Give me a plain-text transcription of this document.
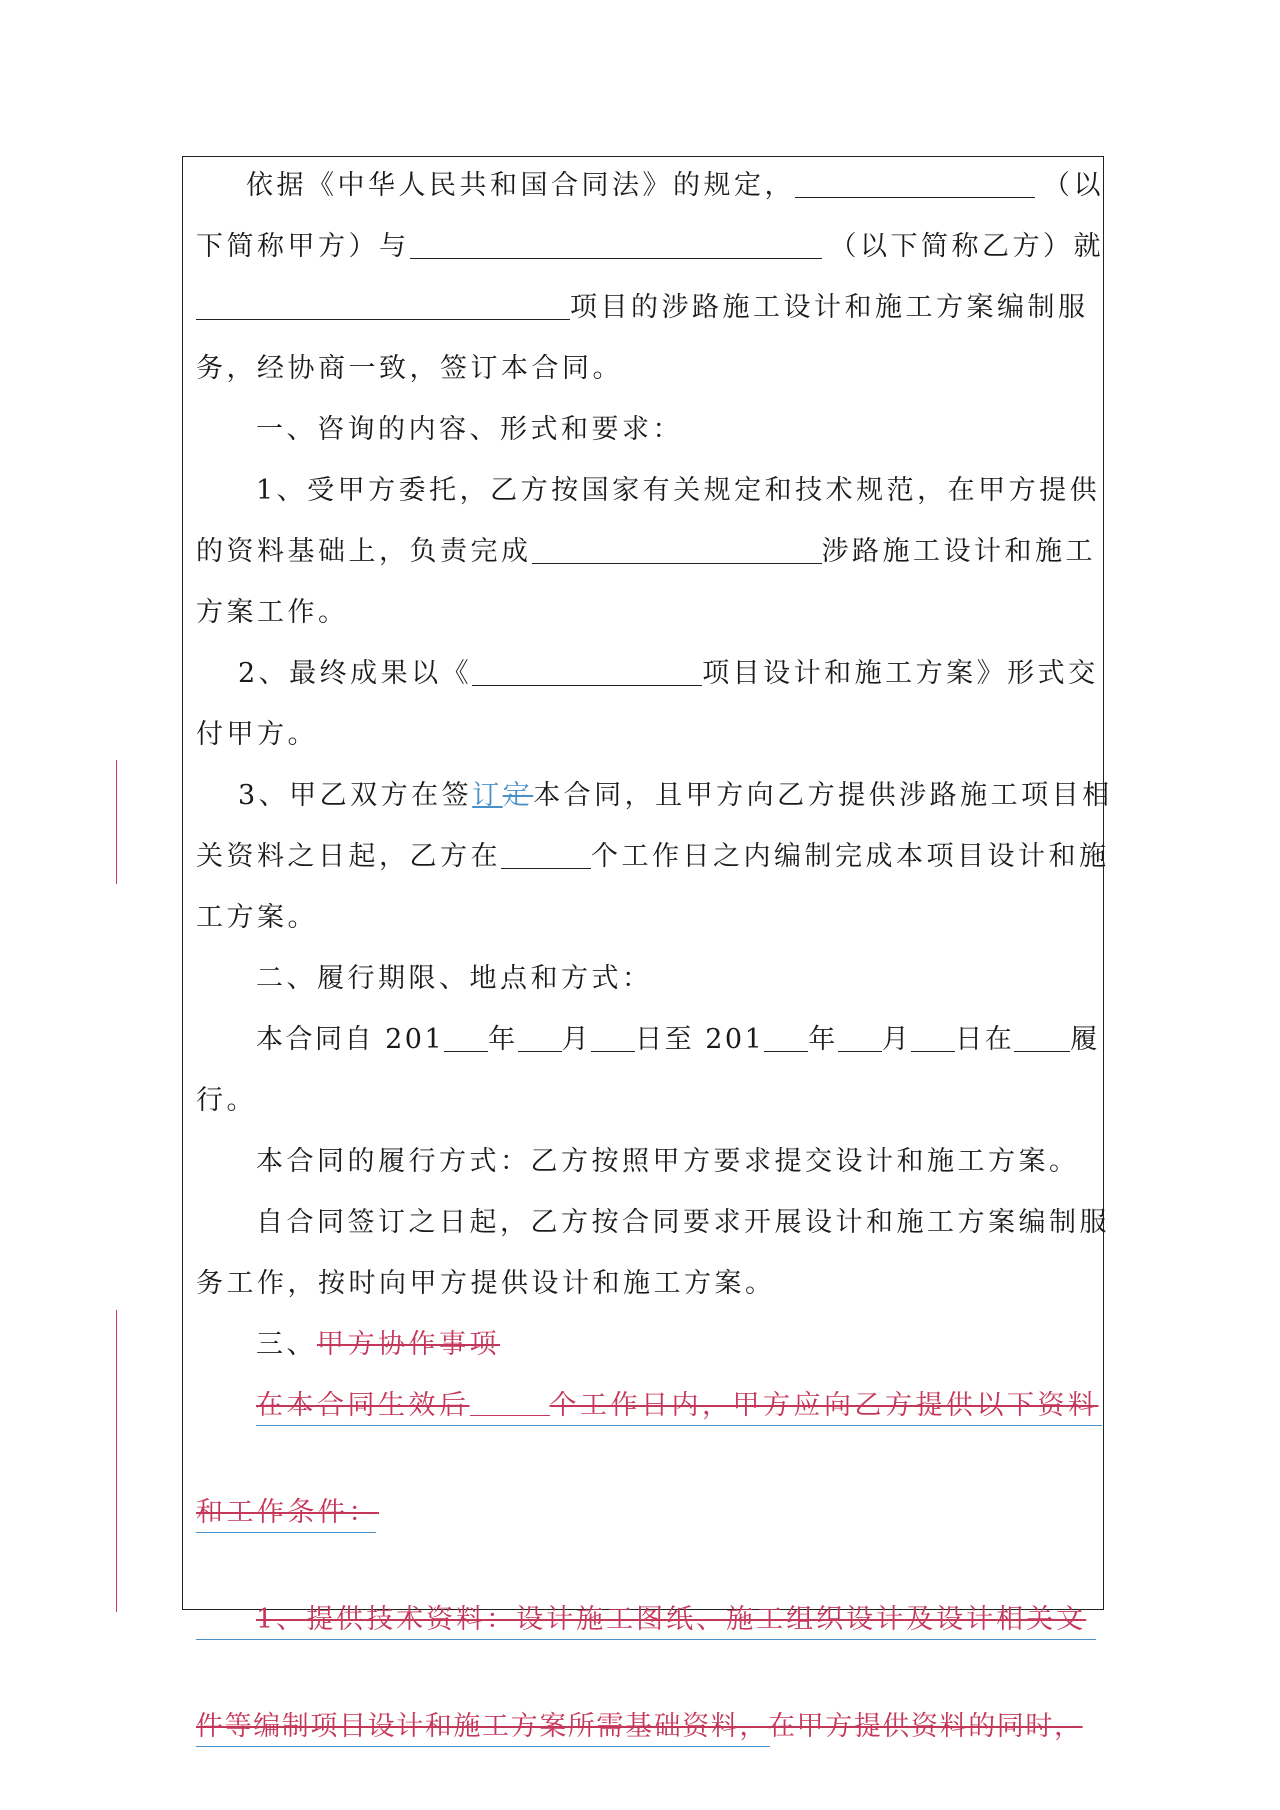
依据《中华人民共和国合同法》的规定，	（以
下简称甲方）与	（以下简称乙方）就
项目的涉路施工设计和施工方案编制服
务，经协商一致，签订本合同。
一、咨询的内容、形式和要求：
1、受甲方委托，乙方按国家有关规定和技术规范，在甲方提供
的资料基础上，负责完成	涉路施工设计和施工
方案工作。
2、最终成果以《	项目设计和施工方案》形式交
付甲方。
3、甲乙双方在签订定本合同，且甲方向乙方提供涉路施工项目相
关资料之日起，乙方在	个工作日之内编制完成本项目设计和施
工方案。
二、履行期限、地点和方式：
本合同自 201 年 月 日至 201 年 月 日在 履
行。
本合同的履行方式：乙方按照甲方要求提交设计和施工方案。
自合同签订之日起，乙方按合同要求开展设计和施工方案编制服
务工作，按时向甲方提供设计和施工方案。
三、甲方协作事项
在本合同生效后	个工作日内，甲方应向乙方提供以下资料
和工作条件：
1、提供技术资料：设计施工图纸、施工组织设计及设计相关文
件等编制项目设计和施工方案所需基础资料，在甲方提供资料的同时，
